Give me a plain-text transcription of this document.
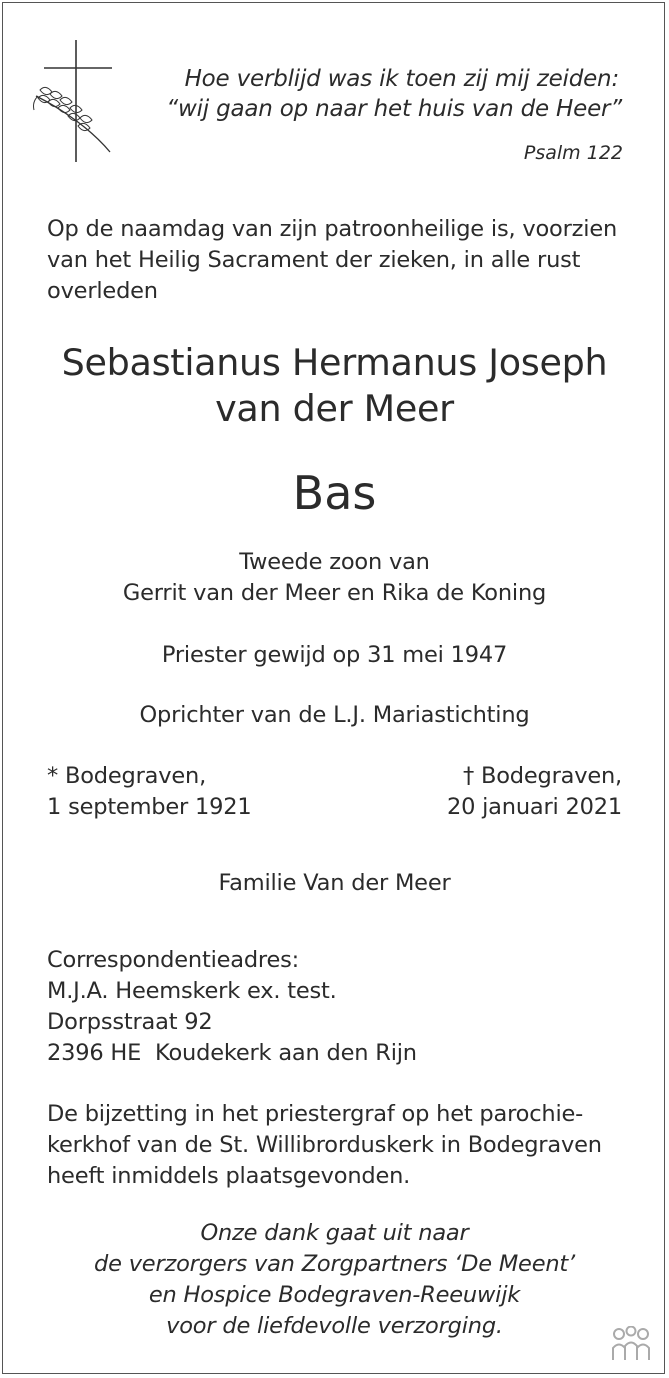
Hoe verblijd was ik toen zij mij zeiden:
“wij gaan op naar het huis van de Heer”
Psalm 122
Op de naamdag van zijn patroonheilige is, voorzien
van het Heilig Sacrament der zieken, in alle rust
overleden
Sebastianus Hermanus Joseph
van der Meer
Bas
Tweede zoon van
Gerrit van der Meer en Rika de Koning
Priester gewijd op 31 mei 1947
Oprichter van de L.J. Mariastichting
* Bodegraven,
1 september 1921
† Bodegraven,
20 januari 2021
Familie Van der Meer
Correspondentieadres:
M.J.A. Heemskerk ex. test.
Dorpsstraat 92
2396 HE  Koudekerk aan den Rijn
De bijzetting in het priestergraf op het parochie-
kerkhof van de St. Willibrorduskerk in Bodegraven
heeft inmiddels plaatsgevonden.
Onze dank gaat uit naar
de verzorgers van Zorgpartners ‘De Meent’
en Hospice Bodegraven-Reeuwijk
voor de liefdevolle verzorging.
